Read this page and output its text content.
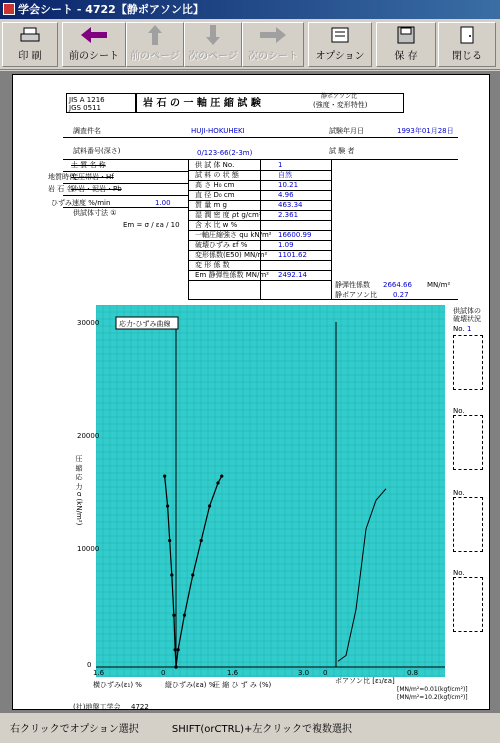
学会シート - 4722【静ポアソン比】
印 刷	前のシート	前のページ 次のページ	次のシート	オプション	保 存	閉じる
JIS A 1216
JGS 0511	岩 石 の 一 軸 圧 縮 試 験
静ポアソン比
(強度・変形特性)
調査件名	HUJI-HOKUHEKI	試験年月日	1993年01月28日
試料番号(深さ)	0/123-66(2-3m)	試 験 者
土 質 名 称
地質時代
変圧帯岩・Hf
岩 石 名
砂岩・泥岩・Pb
ひずみ速度 %/min	1.00
供試体寸法 ①
Em = σ / εa / 10
供 試 体 No.	1
試 料 の 状 態	自然
高 さ H₀ cm	10.21
直 径 D₀ cm	4.96
質 量 m g	463.34
湿 潤 密 度 ρt g/cm³ 2.361
含 水 比 w %
一軸圧縮強さ qu kN/m² 16600.99
破壊ひずみ εf %	1.09
変形係数(E50) MN/m² 1101.62
変 形 係 数
Em 静弾性係数 MN/m² 2492.14
静弾性係数 2664.66 MN/m²
静ポアソン比 0.27
供試体の
破壊状況
No. 1
No.
No.
No.
応力-ひずみ曲線
30000
20000
10000
0
圧 縮 応 力 σ (kN/m²)
1.6	0	1.6	3.0 0	0.8
横ひずみ(ε₁) %	縦ひずみ(εa) %
圧 縮 ひ ず み (%)	ポアソン比 [ε₁/εa]
[MN/m²=0.01(kgf/cm²)]
[MN/m²=10.2(kgf/cm²)]
(社)地盤工学会 4722
右クリックでオプション選択	SHIFT(orCTRL)+左クリックで複数選択
